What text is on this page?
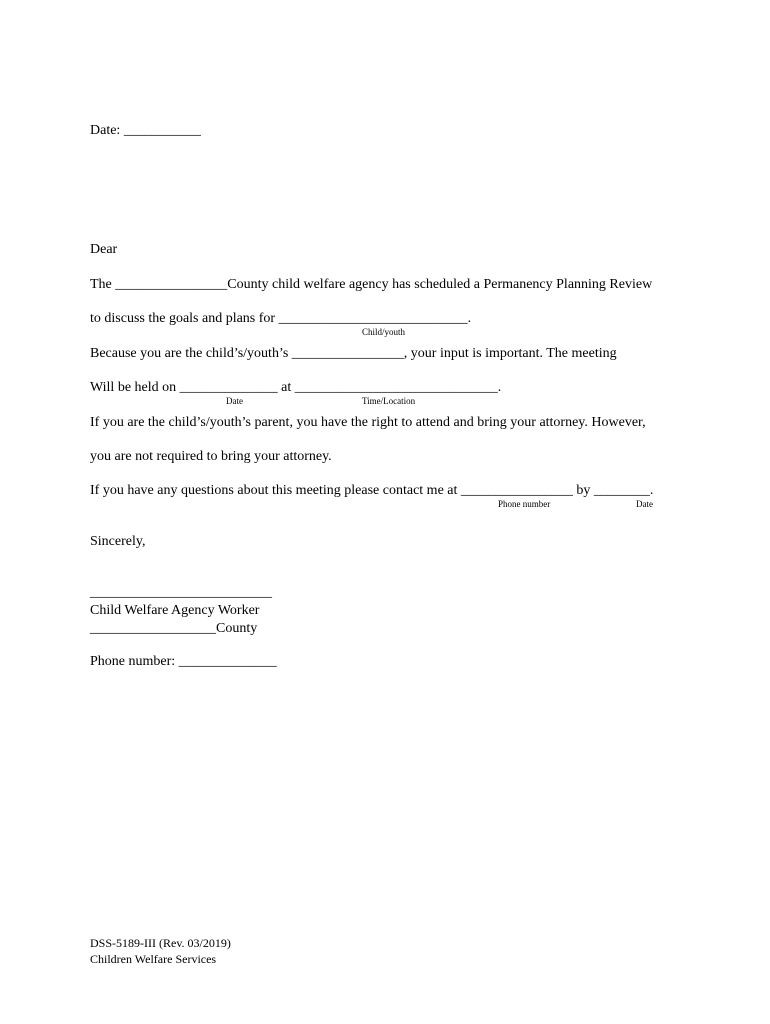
Date: ___________
Dear
The ________________County child welfare agency has scheduled a Permanency Planning Review
to discuss the goals and plans for ___________________________.
Child/youth
Because you are the child’s/youth’s ________________, your input is important. The meeting
Will be held on ______________ at _____________________________.
Date	Time/Location
If you are the child’s/youth’s parent, you have the right to attend and bring your attorney. However,
you are not required to bring your attorney.
If you have any questions about this meeting please contact me at ________________ by ________.
Phone number	Date
Sincerely,
__________________________
Child Welfare Agency Worker
__________________County
Phone number: ______________
DSS-5189-III (Rev. 03/2019)
Children Welfare Services
